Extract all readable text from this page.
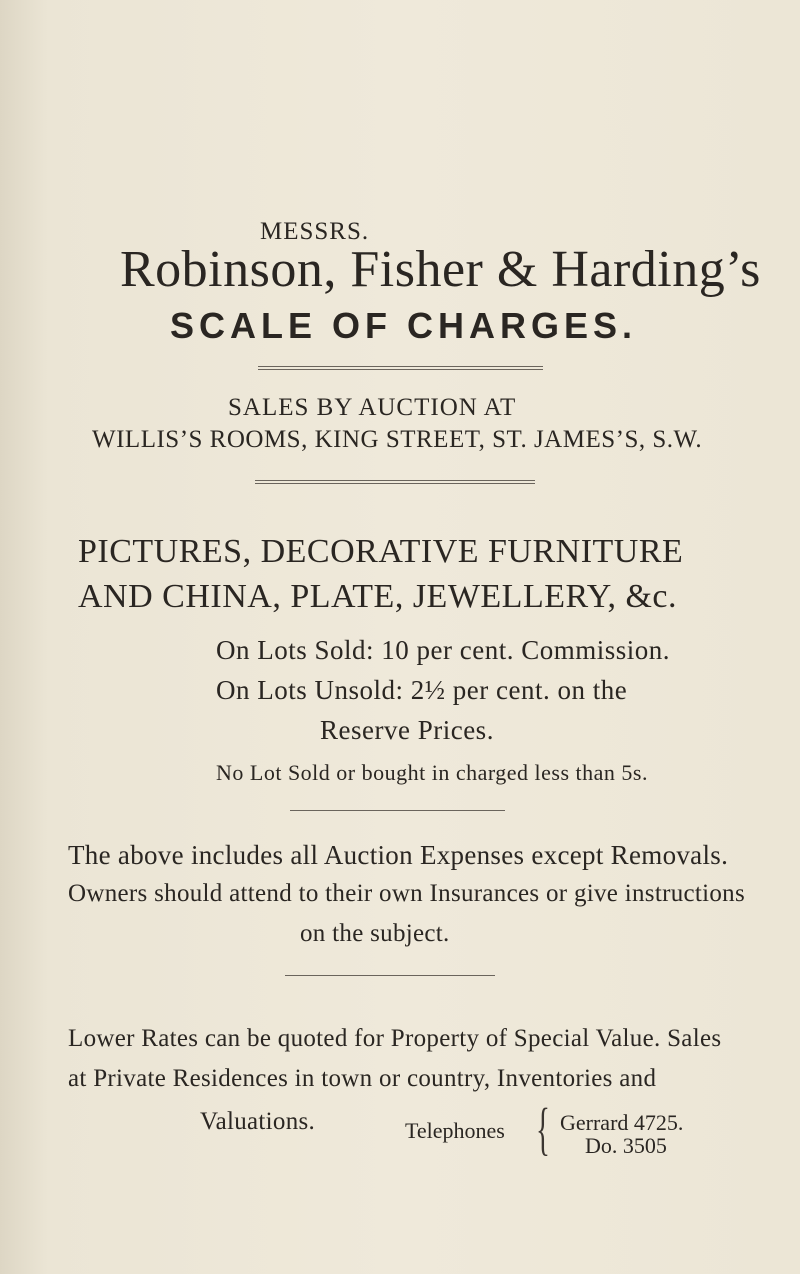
MESSRS.
Robinson, Fisher & Harding’s
SCALE OF CHARGES.
SALES BY AUCTION AT
WILLIS’S ROOMS, KING STREET, ST. JAMES’S, S.W.
PICTURES, DECORATIVE FURNITURE
AND CHINA, PLATE, JEWELLERY, &c.
On Lots Sold: 10 per cent. Commission.
On Lots Unsold: 2½ per cent. on the
Reserve Prices.
No Lot Sold or bought in charged less than 5s.
The above includes all Auction Expenses except Removals.
Owners should attend to their own Insurances or give instructions
on the subject.
Lower Rates can be quoted for Property of Special Value. Sales
at Private Residences in town or country, Inventories and
Valuations.	Telephones { Gerrard 4725.
Do. 3505
